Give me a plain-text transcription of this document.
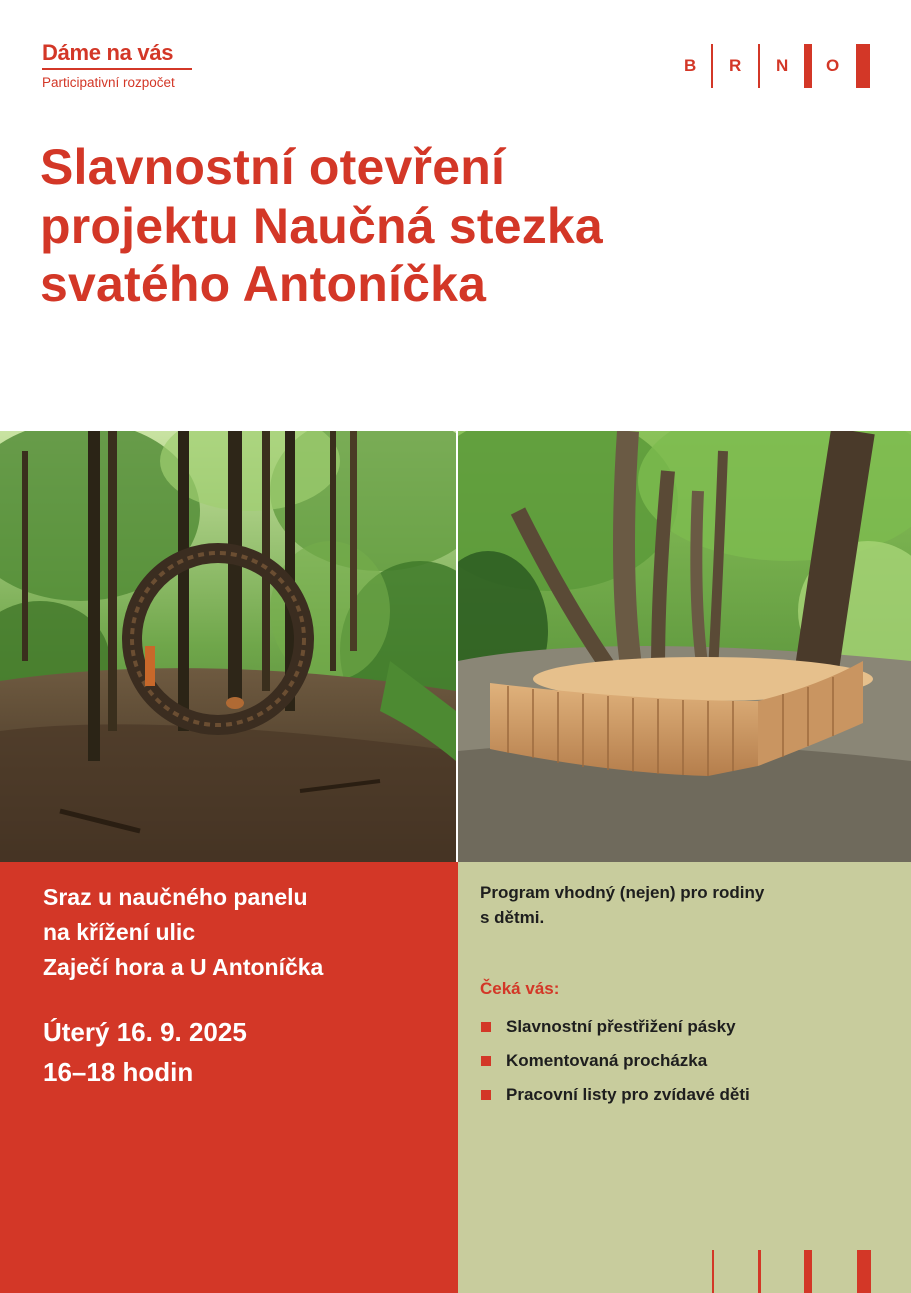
Dáme na vás
Participativní rozpočet
B R N O
Slavnostní otevření
projektu Naučná stezka
svatého Antoníčka
Sraz u naučného panelu
na křížení ulic
Zaječí hora a U Antoníčka
Úterý 16. 9. 2025
16–18 hodin
Program vhodný (nejen) pro rodiny
s dětmi.
Čeká vás:
Slavnostní přestřižení pásky
Komentovaná procházka
Pracovní listy pro zvídavé děti
